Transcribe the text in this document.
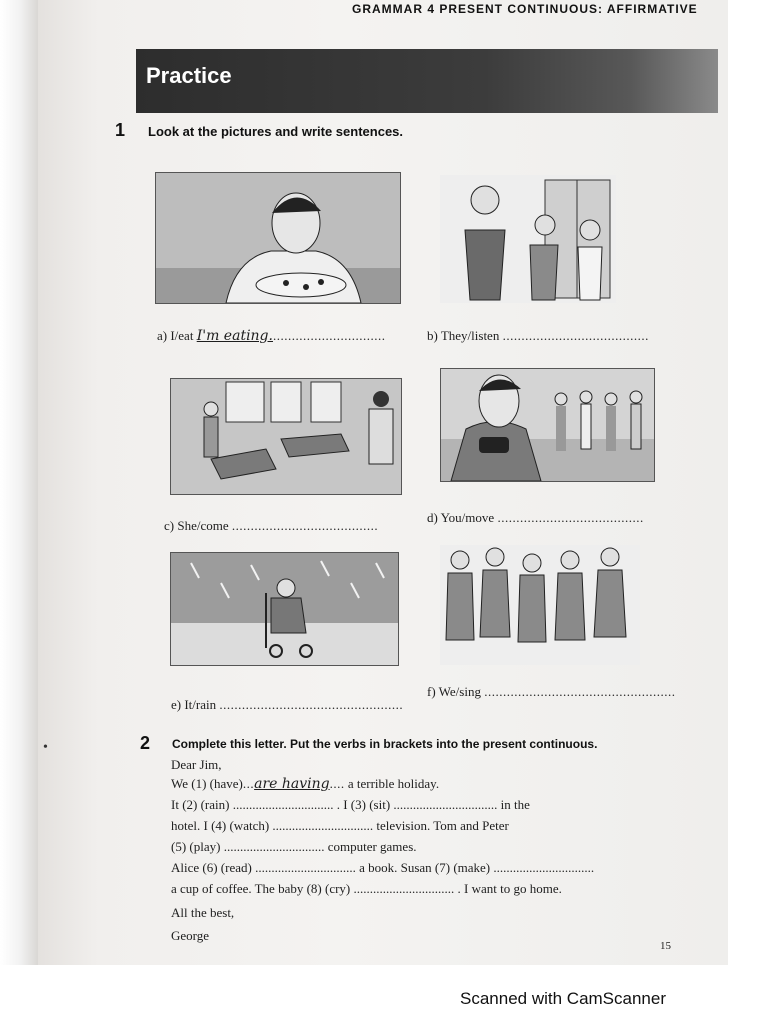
GRAMMAR 4 PRESENT CONTINUOUS: AFFIRMATIVE
Practice
1 Look at the pictures and write sentences.
a) I/eat I'm eating...............................	b) They/listen .......................................
c) She/come .......................................
d) You/move .......................................
e) It/rain .................................................
f) We/sing ...................................................
•	2 Complete this letter. Put the verbs in brackets into the present continuous.
Dear Jim,
We (1) (have)...are having.... a terrible holiday.
It (2) (rain) ............................... . I (3) (sit) ................................ in the
hotel. I (4) (watch) ............................... television. Tom and Peter
(5) (play) ............................... computer games.
Alice (6) (read) ............................... a book. Susan (7) (make) ...............................
a cup of coffee. The baby (8) (cry) ............................... . I want to go home.
All the best,
George
15
Scanned with CamScanner
